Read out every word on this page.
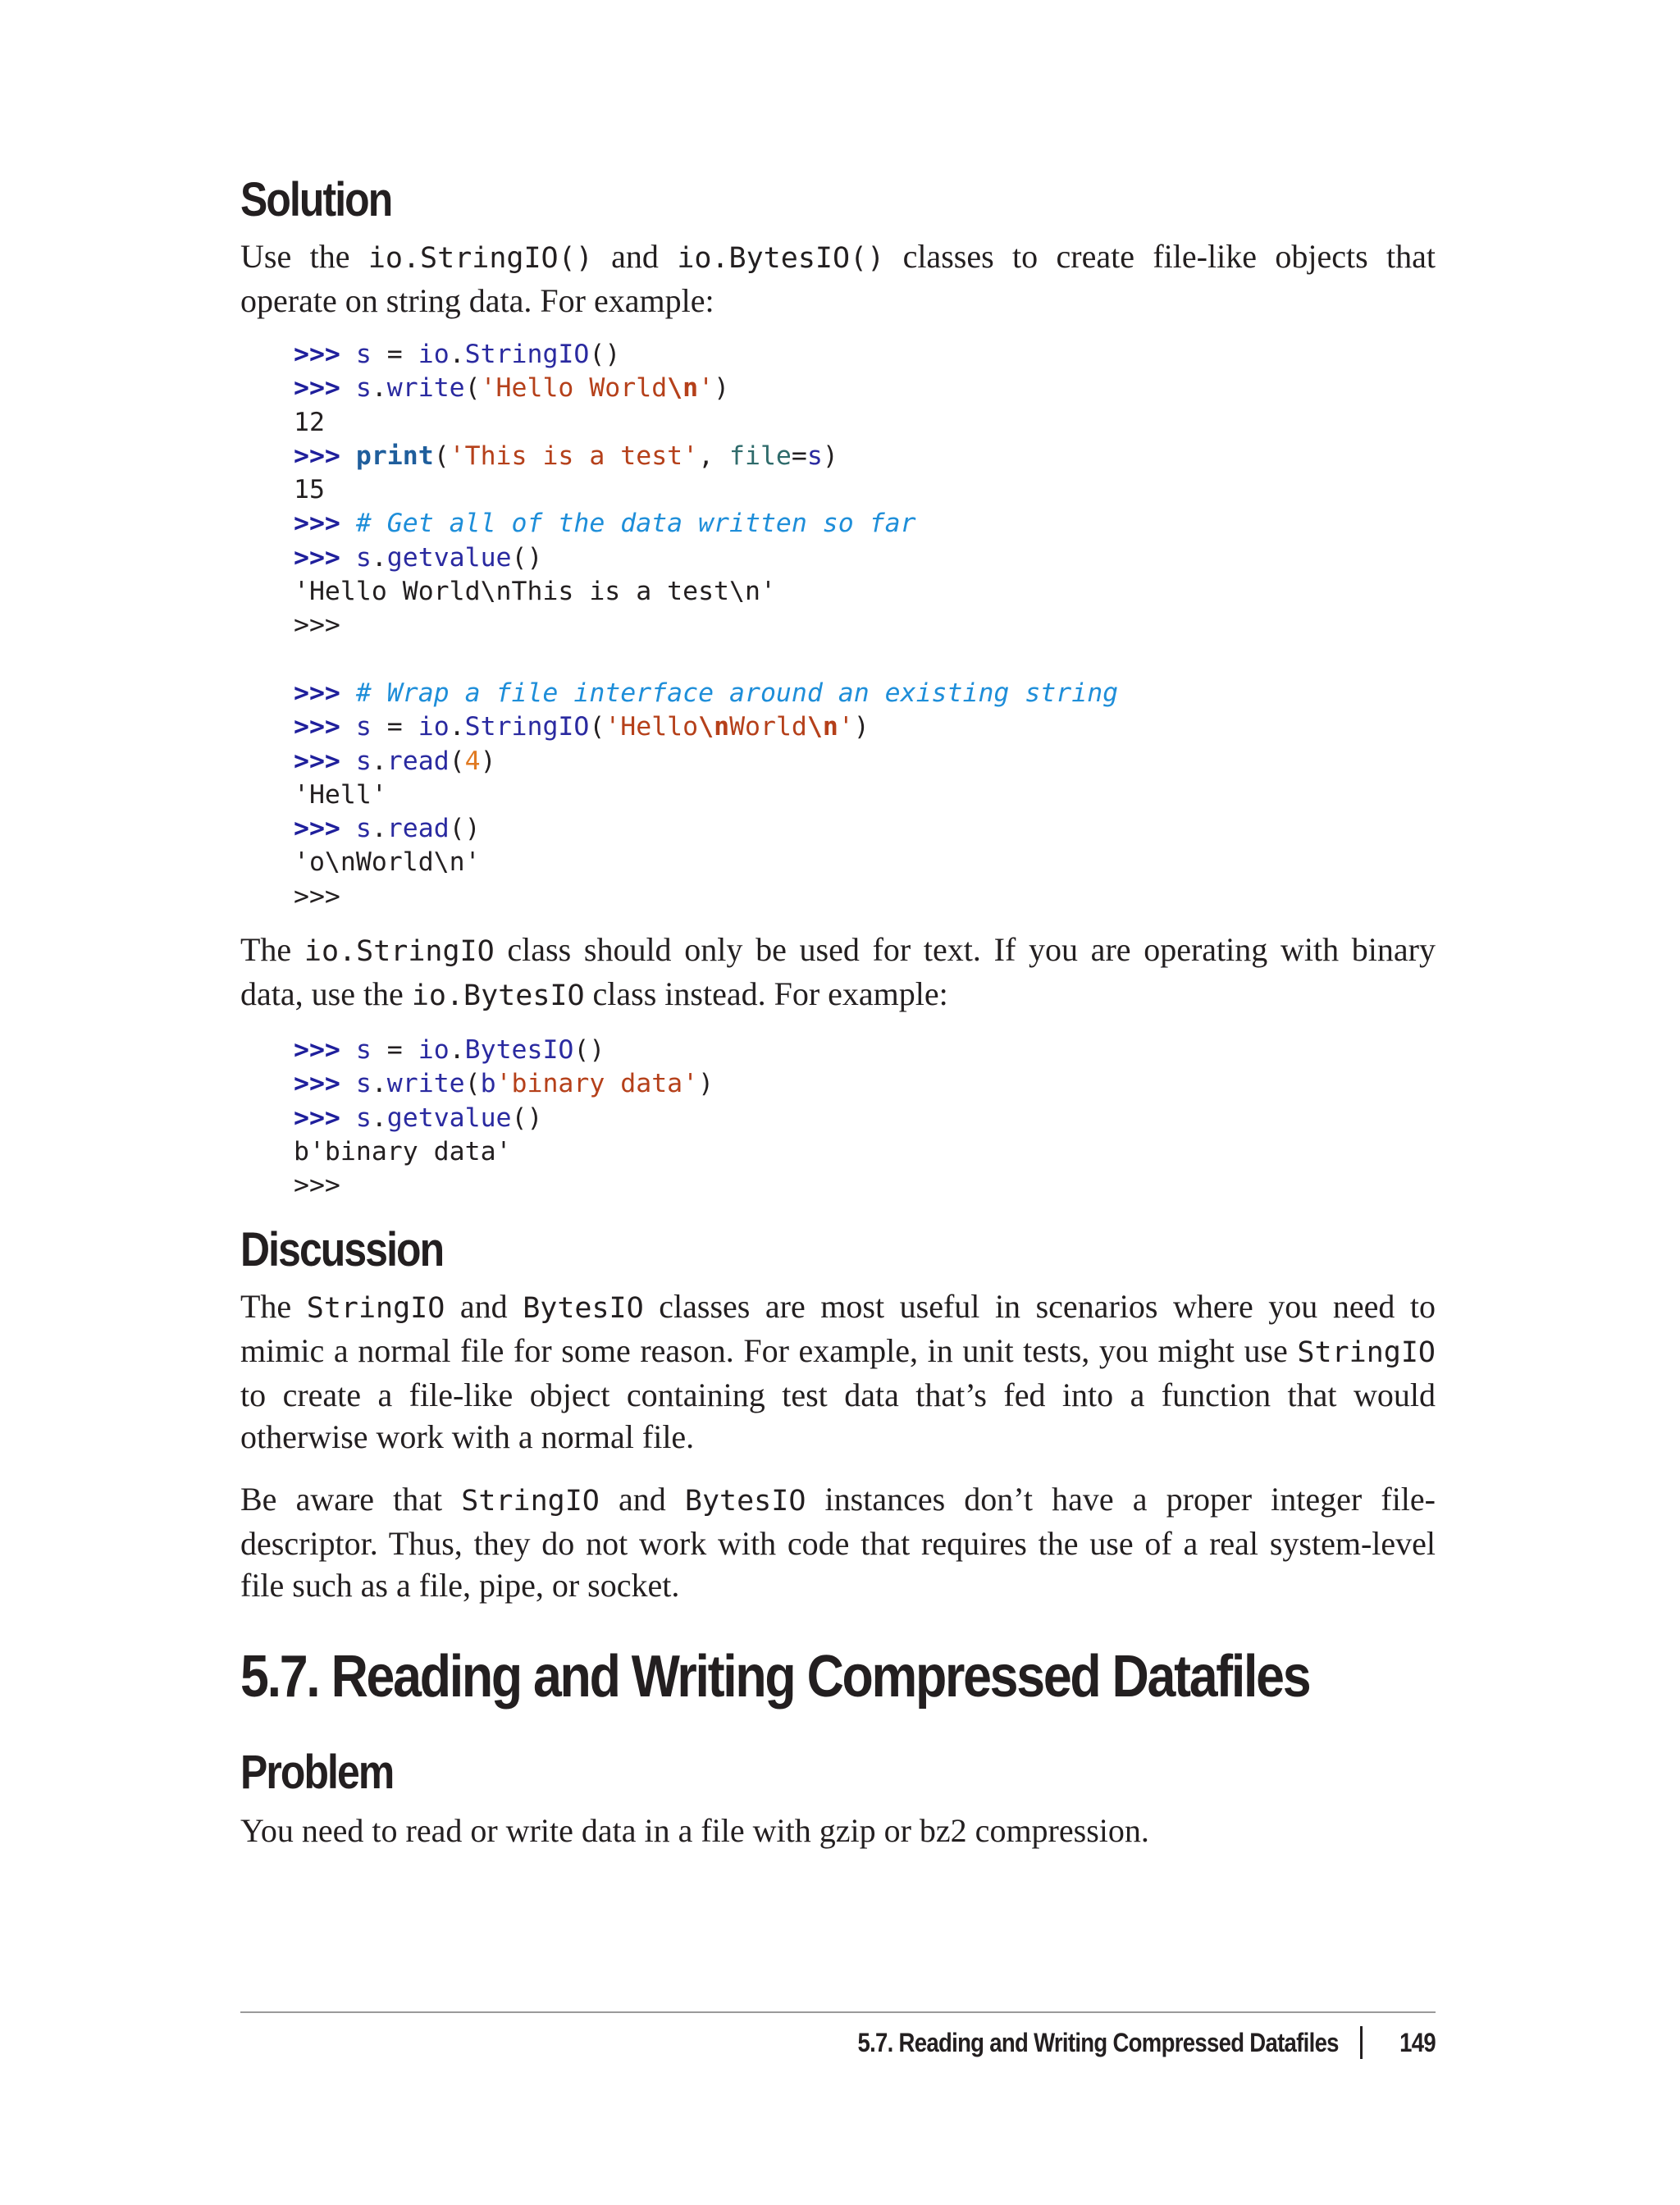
Solution

Use the io.StringIO() and io.BytesIO() classes to create file-like objects that operate on string data. For example:

>>> s = io.StringIO()
>>> s.write('Hello World\n')
12
>>> print('This is a test', file=s)
15
>>> # Get all of the data written so far
>>> s.getvalue()
'Hello World\nThis is a test\n'
>>>
>>> # Wrap a file interface around an existing string
>>> s = io.StringIO('Hello\nWorld\n')
>>> s.read(4)
'Hell'
>>> s.read()
'o\nWorld\n'
>>>

The io.StringIO class should only be used for text. If you are operating with binary data, use the io.BytesIO class instead. For example:

>>> s = io.BytesIO()
>>> s.write(b'binary data')
>>> s.getvalue()
b'binary data'
>>>
Discussion

The StringIO and BytesIO classes are most useful in scenarios where you need to mimic a normal file for some reason. For example, in unit tests, you might use StringIO to create a file-like object containing test data that’s fed into a function that would otherwise work with a normal file.

Be aware that StringIO and BytesIO instances don’t have a proper integer file-descriptor. Thus, they do not work with code that requires the use of a real system-level file such as a file, pipe, or socket.

5.7. Reading and Writing Compressed Datafiles
Problem

You need to read or write data in a file with gzip or bz2 compression.

5.7. Reading and Writing Compressed Datafiles 149
